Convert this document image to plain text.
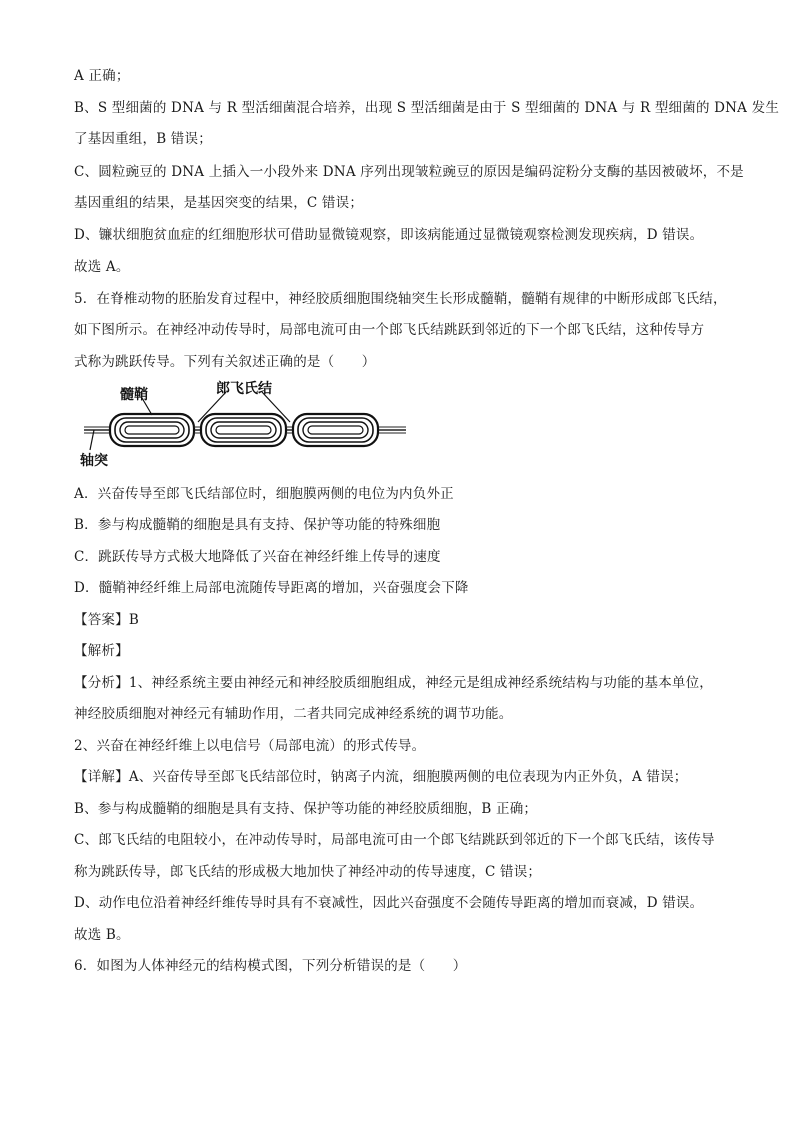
A 正确；
B、S 型细菌的 DNA 与 R 型活细菌混合培养，出现 S 型活细菌是由于 S 型细菌的 DNA 与 R 型细菌的 DNA 发生
了基因重组，B 错误；
C、圆粒豌豆的 DNA 上插入一小段外来 DNA 序列出现皱粒豌豆的原因是编码淀粉分支酶的基因被破坏，不是
基因重组的结果，是基因突变的结果，C 错误；
D、镰状细胞贫血症的红细胞形状可借助显微镜观察，即该病能通过显微镜观察检测发现疾病，D 错误。
故选 A。
5．在脊椎动物的胚胎发育过程中，神经胶质细胞围绕轴突生长形成髓鞘，髓鞘有规律的中断形成郎飞氏结，
如下图所示。在神经冲动传导时，局部电流可由一个郎飞氏结跳跃到邻近的下一个郎飞氏结，这种传导方
式称为跳跃传导。下列有关叙述正确的是（　　）
髓鞘	郎飞氏结
轴突
A．兴奋传导至郎飞氏结部位时，细胞膜两侧的电位为内负外正
B．参与构成髓鞘的细胞是具有支持、保护等功能的特殊细胞
C．跳跃传导方式极大地降低了兴奋在神经纤维上传导的速度
D．髓鞘神经纤维上局部电流随传导距离的增加，兴奋强度会下降
【答案】B
【解析】
【分析】1、神经系统主要由神经元和神经胶质细胞组成，神经元是组成神经系统结构与功能的基本单位，
神经胶质细胞对神经元有辅助作用，二者共同完成神经系统的调节功能。
2、兴奋在神经纤维上以电信号（局部电流）的形式传导。
【详解】A、兴奋传导至郎飞氏结部位时，钠离子内流，细胞膜两侧的电位表现为内正外负，A 错误；
B、参与构成髓鞘的细胞是具有支持、保护等功能的神经胶质细胞，B 正确；
C、郎飞氏结的电阻较小，在冲动传导时，局部电流可由一个郎飞结跳跃到邻近的下一个郎飞氏结，该传导
称为跳跃传导，郎飞氏结的形成极大地加快了神经冲动的传导速度，C 错误；
D、动作电位沿着神经纤维传导时具有不衰减性，因此兴奋强度不会随传导距离的增加而衰减，D 错误。
故选 B。
6．如图为人体神经元的结构模式图，下列分析错误的是（　　）
